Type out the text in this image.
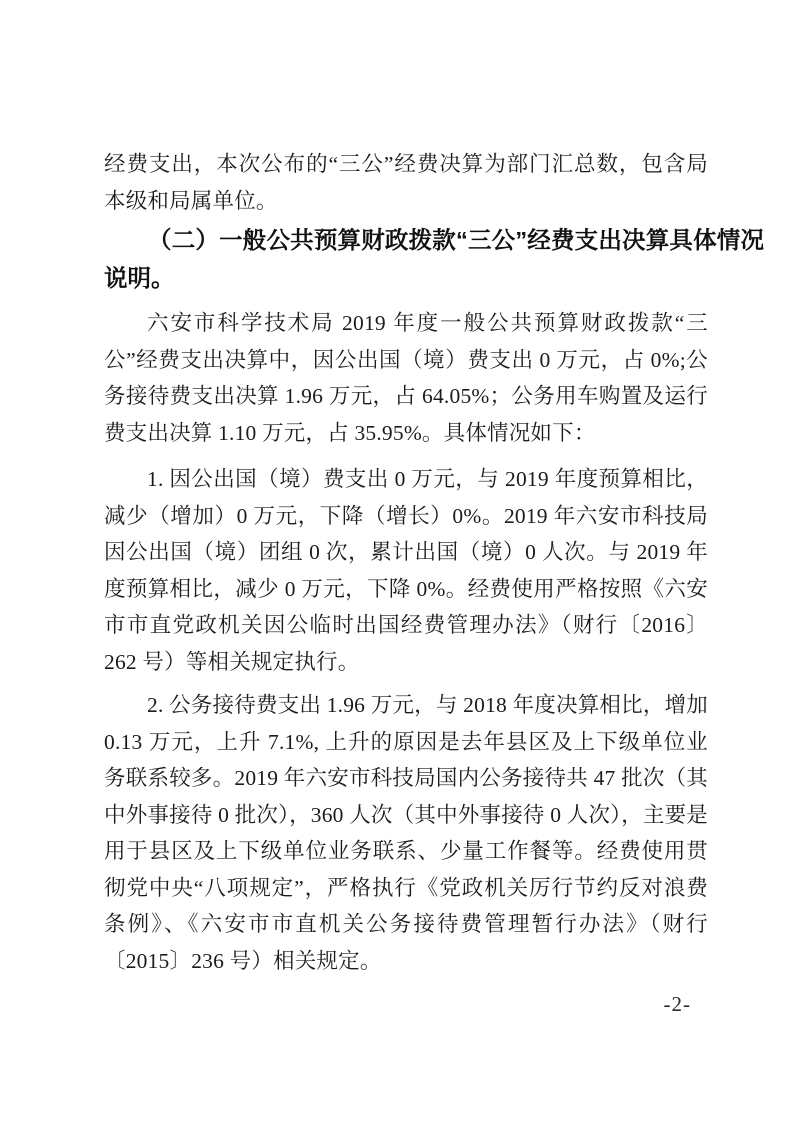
经费支出，本次公布的“三公”经费决算为部门汇总数，包含局本级和局属单位。

（二）一般公共预算财政拨款“三公”经费支出决算具体情况说明。

六安市科学技术局 2019 年度一般公共预算财政拨款“三公”经费支出决算中，因公出国（境）费支出 0 万元，占 0%;公务接待费支出决算 1.96 万元，占 64.05%；公务用车购置及运行费支出决算 1.10 万元，占 35.95%。具体情况如下：

1. 因公出国（境）费支出 0 万元，与 2019 年度预算相比，减少（增加）0 万元，下降（增长）0%。2019 年六安市科技局因公出国（境）团组 0 次，累计出国（境）0 人次。与 2019 年度预算相比，减少 0 万元，下降 0%。经费使用严格按照《六安市市直党政机关因公临时出国经费管理办法》（财行〔2016〕262 号）等相关规定执行。

2. 公务接待费支出 1.96 万元，与 2018 年度决算相比，增加 0.13 万元，上升 7.1%, 上升的原因是去年县区及上下级单位业务联系较多。2019 年六安市科技局国内公务接待共 47 批次（其中外事接待 0 批次），360 人次（其中外事接待 0 人次），主要是用于县区及上下级单位业务联系、少量工作餐等。经费使用贯彻党中央“八项规定”，严格执行《党政机关厉行节约反对浪费条例》、《六安市市直机关公务接待费管理暂行办法》（财行〔2015〕236 号）相关规定。

-2-
